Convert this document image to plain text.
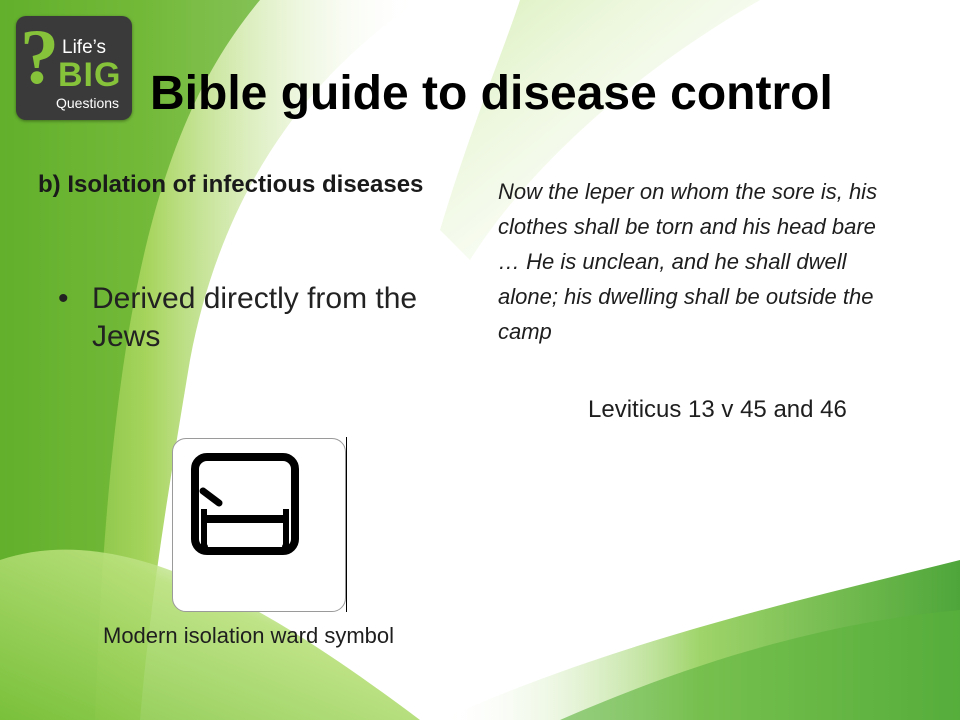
? Life’s
BIG
Questions Bible guide to disease control
b) Isolation of infectious diseases
• Derived directly from the Jews
Now the leper on whom the sore is, his clothes shall be torn and his head bare … He is unclean, and he shall dwell alone; his dwelling shall be outside the camp
Leviticus 13 v 45 and 46
Modern isolation ward symbol
